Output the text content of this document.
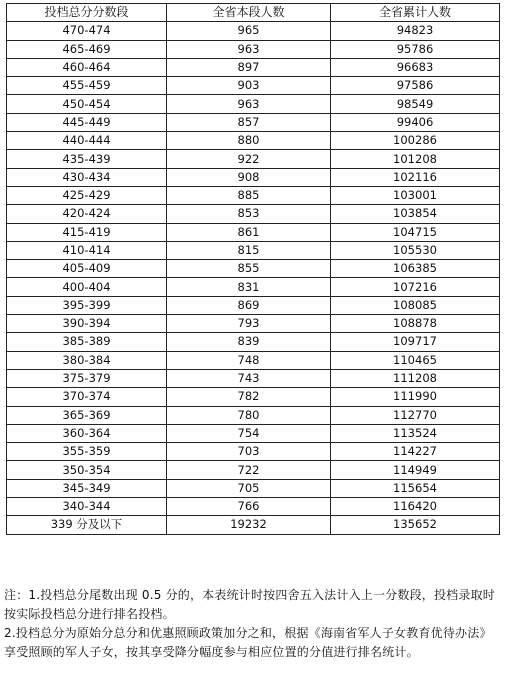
投档总分分数段	全省本段人数	全省累计人数
470-474	965	94823
465-469	963	95786
460-464	897	96683
455-459	903	97586
450-454	963	98549
445-449	857	99406
440-444	880	100286
435-439	922	101208
430-434	908	102116
425-429	885	103001
420-424	853	103854
415-419	861	104715
410-414	815	105530
405-409	855	106385
400-404	831	107216
395-399	869	108085
390-394	793	108878
385-389	839	109717
380-384	748	110465
375-379	743	111208
370-374	782	111990
365-369	780	112770
360-364	754	113524
355-359	703	114227
350-354	722	114949
345-349	705	115654
340-344	766	116420
339 分及以下	19232	135652

注：1.投档总分尾数出现 0.5 分的，本表统计时按四舍五入法计入上一分数段，投档录取时按实际投档总分进行排名投档。

2.投档总分为原始分总分和优惠照顾政策加分之和，根据《海南省军人子女教育优待办法》享受照顾的军人子女，按其享受降分幅度参与相应位置的分值进行排名统计。
